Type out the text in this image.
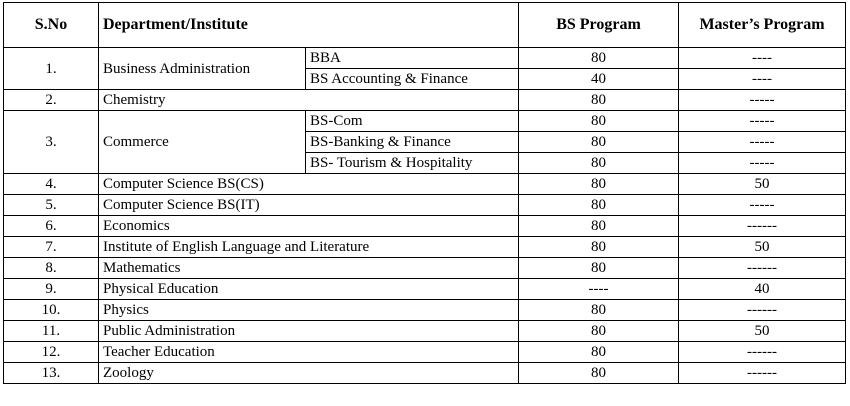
S.No	Department/Institute		BS Program	Master’s Program
1.	Business Administration	BBA	80	----
		BS Accounting & Finance	40	----
2.	Chemistry		80	-----
3.	Commerce	BS-Com	80	-----
		BS-Banking & Finance	80	-----
		BS- Tourism & Hospitality	80	-----
4.	Computer Science BS(CS)		80	50
5.	Computer Science BS(IT)		80	-----
6.	Economics		80	------
7.	Institute of English Language and Literature		80	50
8.	Mathematics		80	------
9.	Physical Education		----	40
10.	Physics		80	------
11.	Public Administration		80	50
12.	Teacher Education		80	------
13.	Zoology		80	------
